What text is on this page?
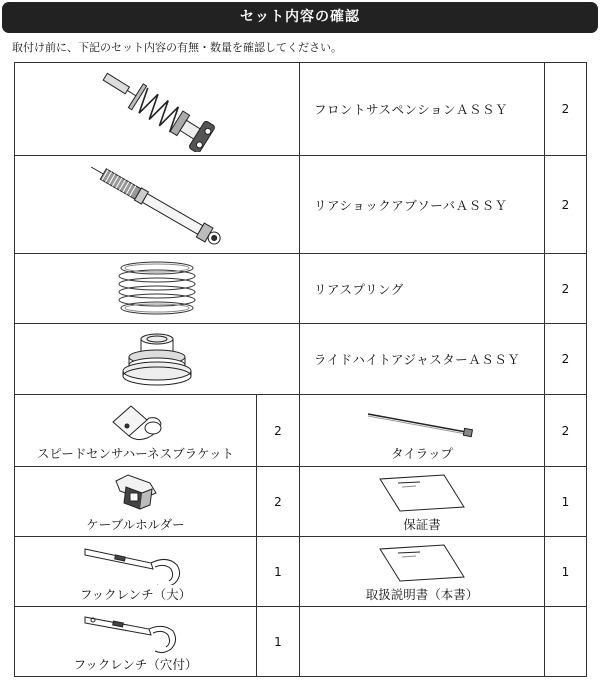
セット内容の確認
取付け前に、下記のセット内容の有無・数量を確認してください。
	フロントサスペンションＡＳＳＹ	2

	リアショックアブソーバＡＳＳＹ	2

	リアスプリング	2

	ライドハイトアジャスターＡＳＳＹ	2

スピードセンサハーネスブラケット	2	タイラップ	2

ケーブルホルダー	2	保証書	1

フックレンチ（大）	1	取扱説明書（本書）	1

フックレンチ（穴付）	1		
